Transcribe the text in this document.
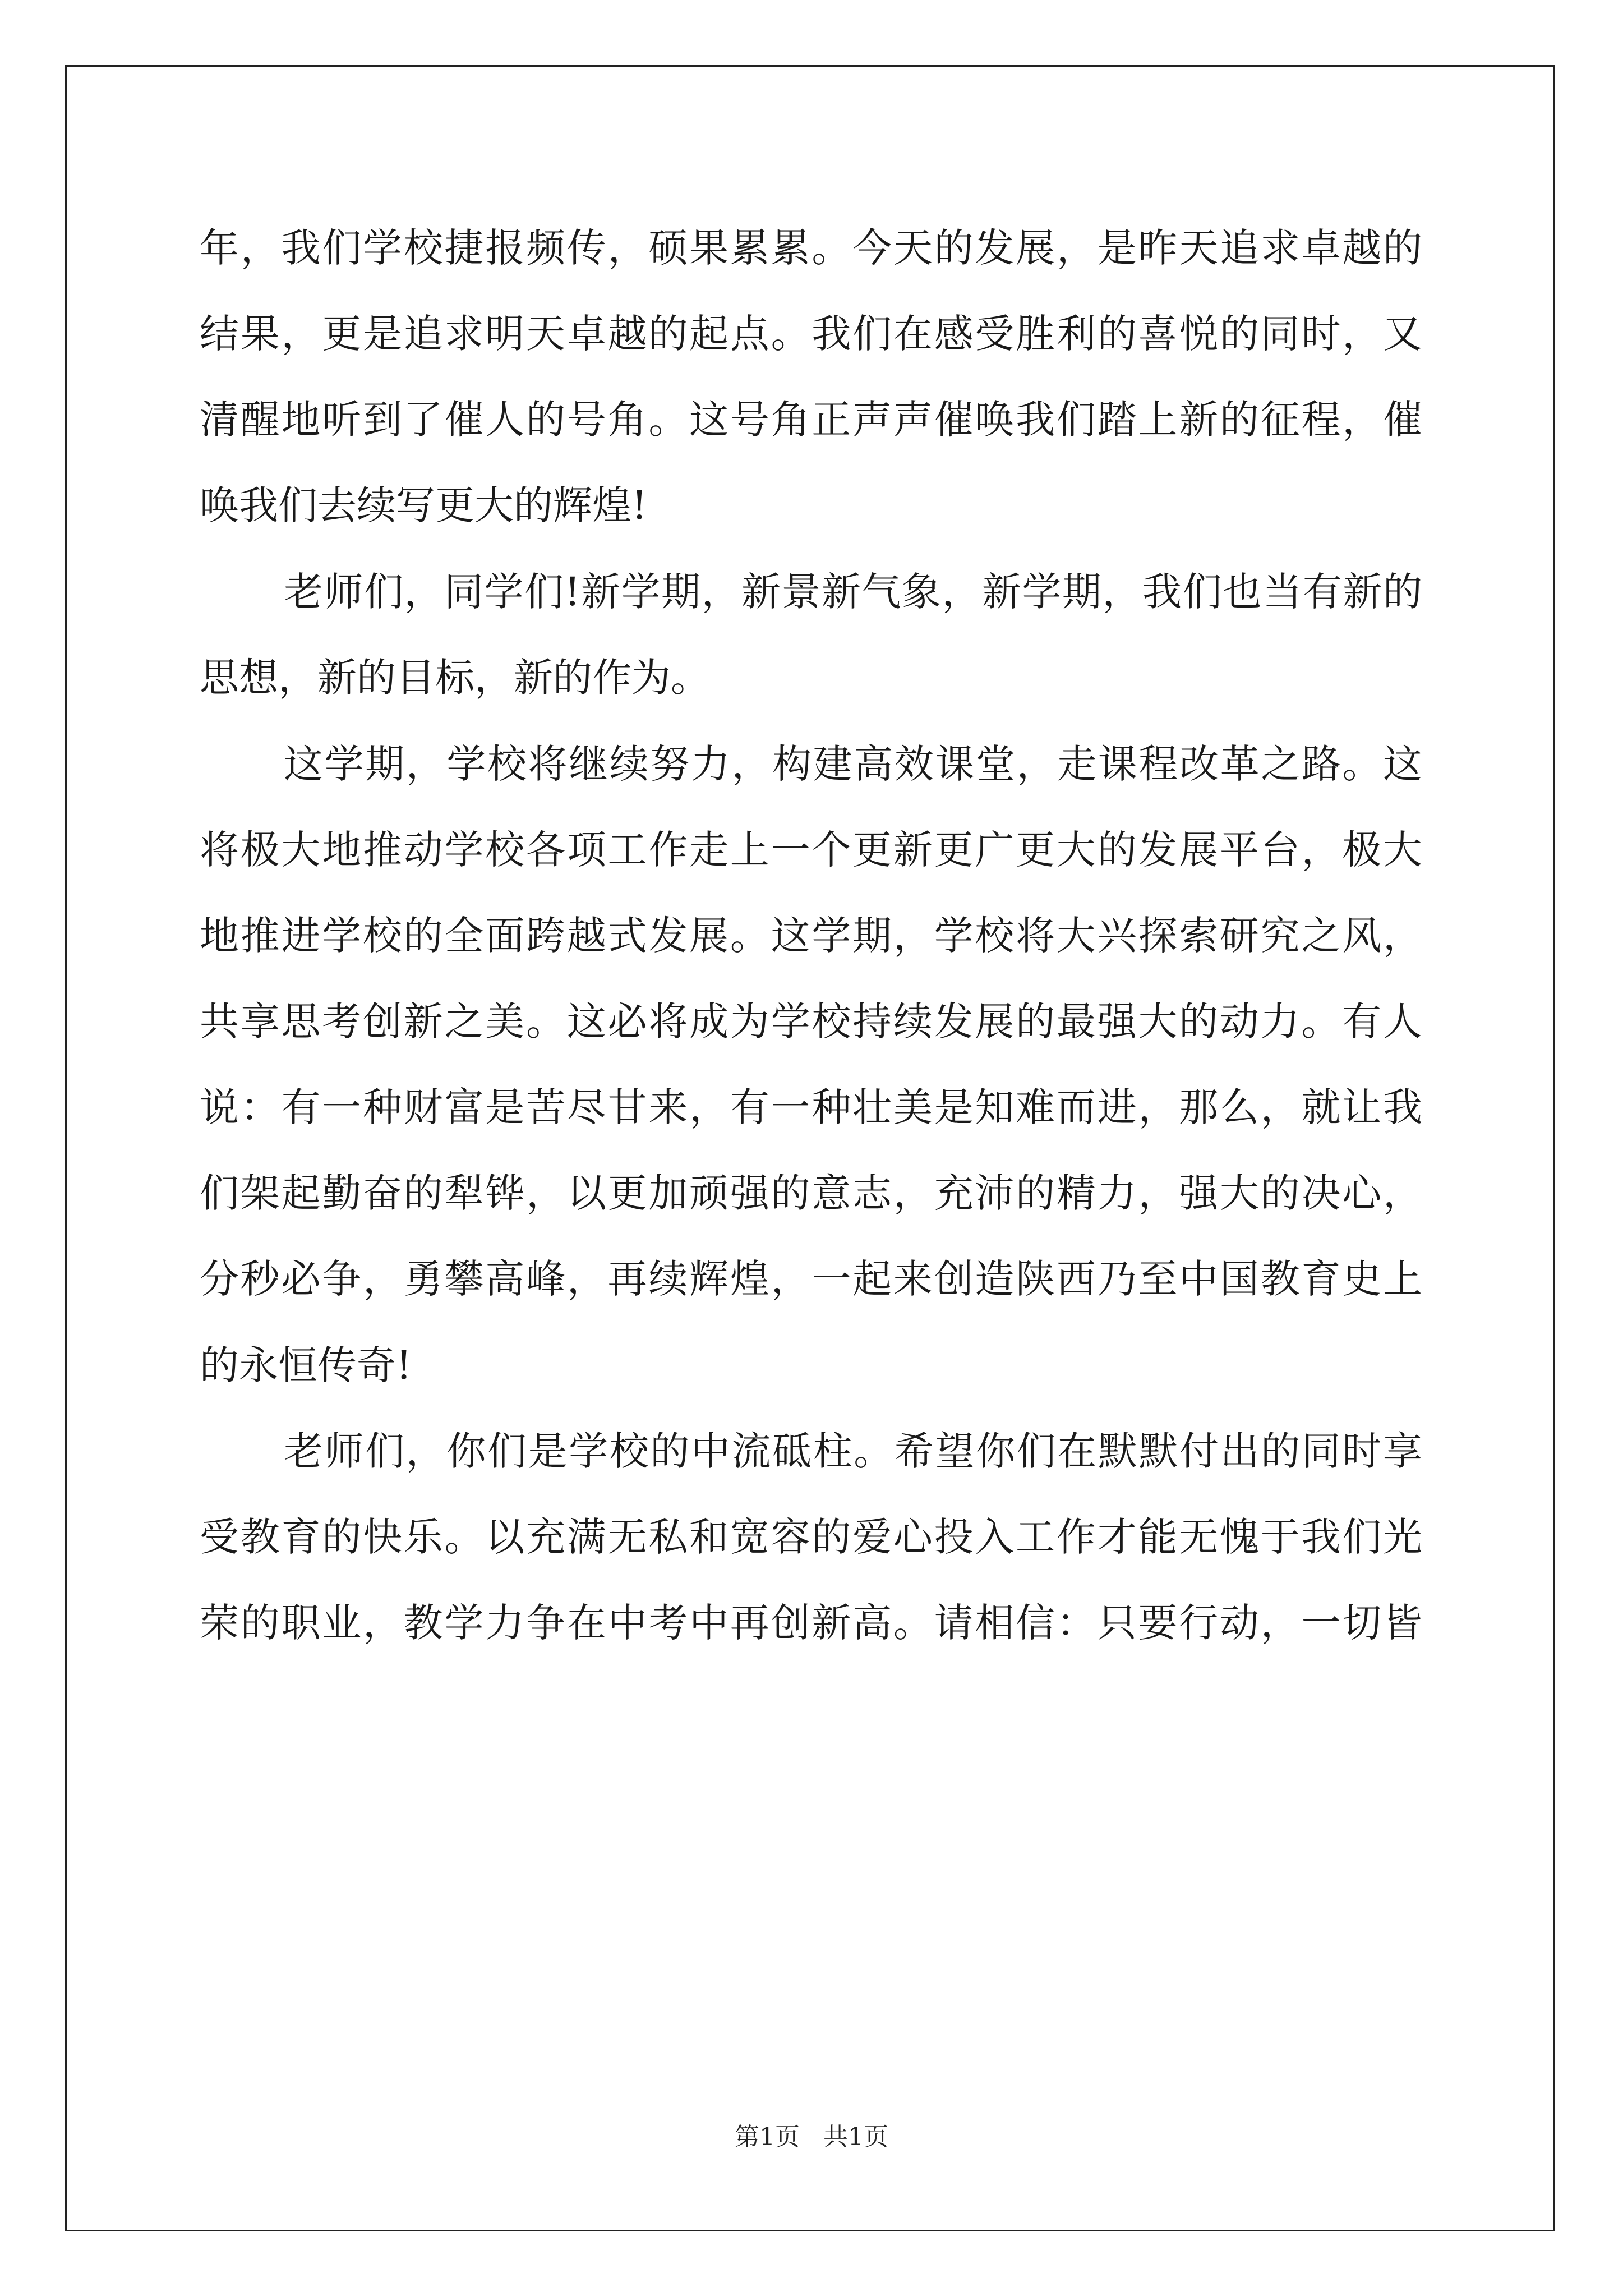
年，我们学校捷报频传，硕果累累。今天的发展，是昨天追求卓越的
结果，更是追求明天卓越的起点。我们在感受胜利的喜悦的同时，又
清醒地听到了催人的号角。这号角正声声催唤我们踏上新的征程，催
唤我们去续写更大的辉煌!
老师们，同学们!新学期，新景新气象，新学期，我们也当有新的
思想，新的目标，新的作为。
这学期，学校将继续努力，构建高效课堂，走课程改革之路。这
将极大地推动学校各项工作走上一个更新更广更大的发展平台，极大
地推进学校的全面跨越式发展。这学期，学校将大兴探索研究之风，
共享思考创新之美。这必将成为学校持续发展的最强大的动力。有人
说：有一种财富是苦尽甘来，有一种壮美是知难而进，那么，就让我
们架起勤奋的犁铧，以更加顽强的意志，充沛的精力，强大的决心，
分秒必争，勇攀高峰，再续辉煌，一起来创造陕西乃至中国教育史上
的永恒传奇!
老师们，你们是学校的中流砥柱。希望你们在默默付出的同时享
受教育的快乐。以充满无私和宽容的爱心投入工作才能无愧于我们光
荣的职业，教学力争在中考中再创新高。请相信：只要行动，一切皆
第1页 共1页
